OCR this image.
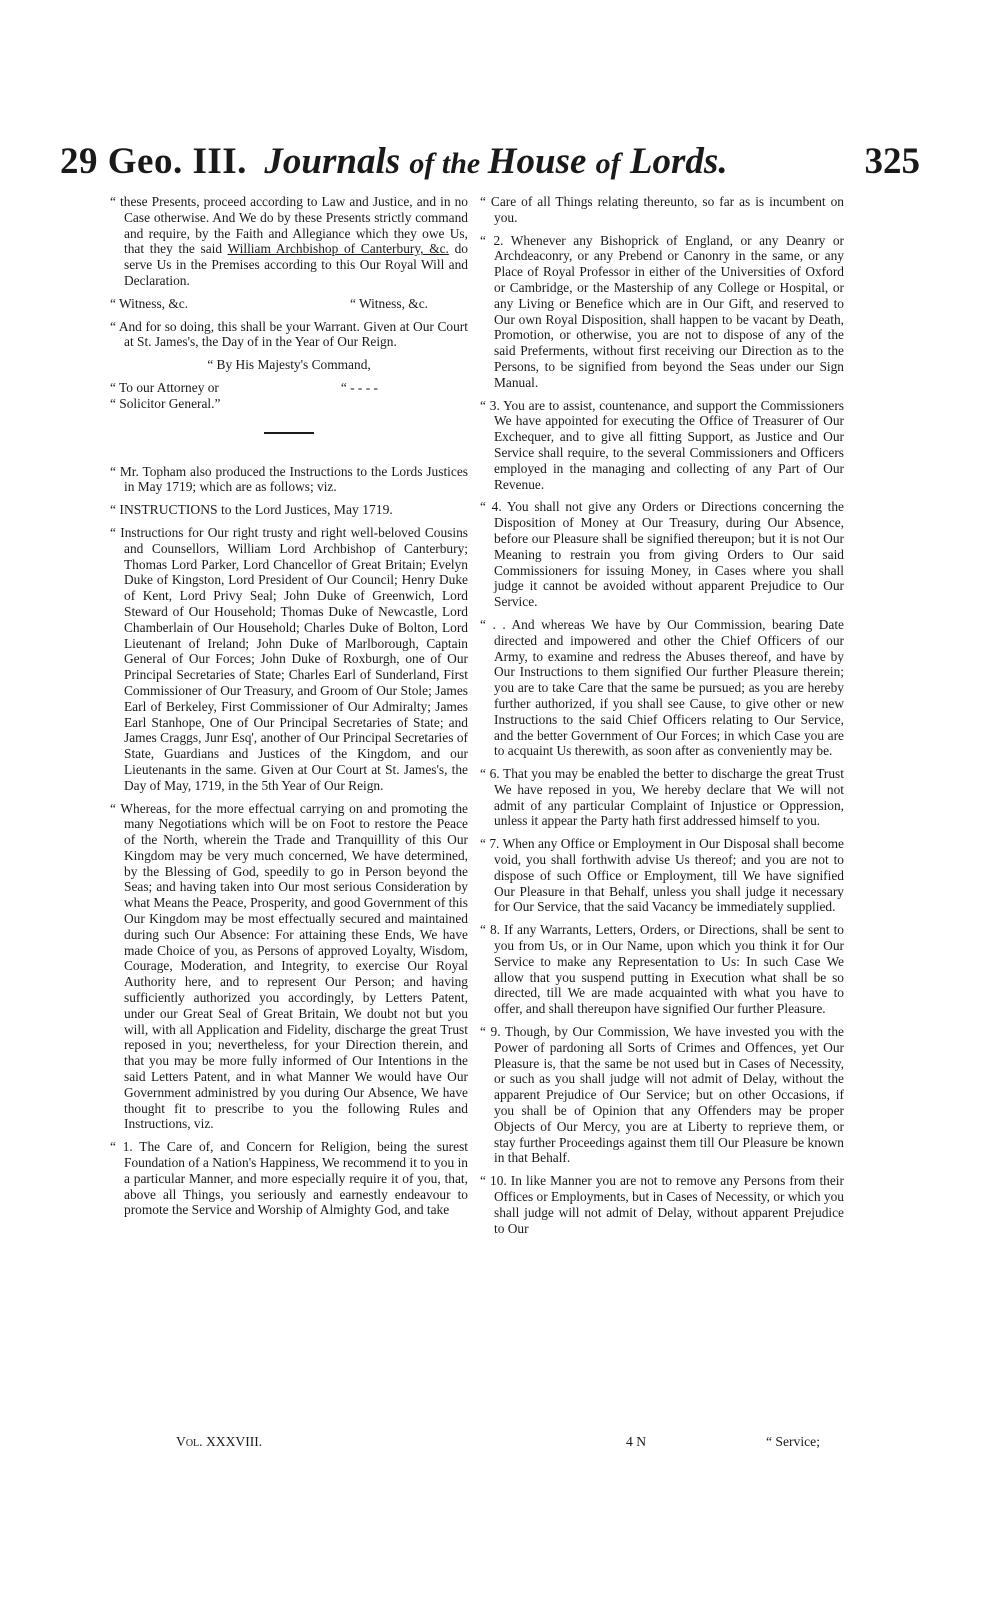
29 Geo. III. Journals of the House of Lords.	325

“ these Presents, proceed according to Law and Justice, and in no Case otherwise. And We do by these Presents strictly command and require, by the Faith and Allegiance which they owe Us, that they the said William Archbishop of Canterbury, &c. do serve Us in the Premises according to this Our Royal Will and Declaration.

“ Witness, &c.	“ Witness, &c.

“ And for so doing, this shall be your Warrant. Given at Our Court at St. James's, the Day of in the Year of Our Reign.

“ By His Majesty's Command,

“ To our Attorney or	“ - - - -

“ Solicitor General.”

“ Mr. Topham also produced the Instructions to the Lords Justices in May 1719; which are as follows; viz.

“ INSTRUCTIONS to the Lord Justices, May 1719.

“ Instructions for Our right trusty and right well-beloved Cousins and Counsellors, William Lord Archbishop of Canterbury; Thomas Lord Parker, Lord Chancellor of Great Britain; Evelyn Duke of Kingston, Lord President of Our Council; Henry Duke of Kent, Lord Privy Seal; John Duke of Greenwich, Lord Steward of Our Household; Thomas Duke of Newcastle, Lord Chamberlain of Our Household; Charles Duke of Bolton, Lord Lieutenant of Ireland; John Duke of Marlborough, Captain General of Our Forces; John Duke of Roxburgh, one of Our Principal Secretaries of State; Charles Earl of Sunderland, First Commissioner of Our Treasury, and Groom of Our Stole; James Earl of Berkeley, First Commissioner of Our Admiralty; James Earl Stanhope, One of Our Principal Secretaries of State; and James Craggs, Junr Esq', another of Our Principal Secretaries of State, Guardians and Justices of the Kingdom, and our Lieutenants in the same. Given at Our Court at St. James's, the Day of May, 1719, in the 5th Year of Our Reign.

“ Whereas, for the more effectual carrying on and promoting the many Negotiations which will be on Foot to restore the Peace of the North, wherein the Trade and Tranquillity of this Our Kingdom may be very much concerned, We have determined, by the Blessing of God, speedily to go in Person beyond the Seas; and having taken into Our most serious Consideration by what Means the Peace, Prosperity, and good Government of this Our Kingdom may be most effectually secured and maintained during such Our Absence: For attaining these Ends, We have made Choice of you, as Persons of approved Loyalty, Wisdom, Courage, Moderation, and Integrity, to exercise Our Royal Authority here, and to represent Our Person; and having sufficiently authorized you accordingly, by Letters Patent, under our Great Seal of Great Britain, We doubt not but you will, with all Application and Fidelity, discharge the great Trust reposed in you; nevertheless, for your Direction therein, and that you may be more fully informed of Our Intentions in the said Letters Patent, and in what Manner We would have Our Government administred by you during Our Absence, We have thought fit to prescribe to you the following Rules and Instructions, viz.

“ 1. The Care of, and Concern for Religion, being the surest Foundation of a Nation's Happiness, We recommend it to you in a particular Manner, and more especially require it of you, that, above all Things, you seriously and earnestly endeavour to promote the Service and Worship of Almighty God, and take

“ Care of all Things relating thereunto, so far as is incumbent on you.

“ 2. Whenever any Bishoprick of England, or any Deanry or Archdeaconry, or any Prebend or Canonry in the same, or any Place of Royal Professor in either of the Universities of Oxford or Cambridge, or the Mastership of any College or Hospital, or any Living or Benefice which are in Our Gift, and reserved to Our own Royal Disposition, shall happen to be vacant by Death, Promotion, or otherwise, you are not to dispose of any of the said Preferments, without first receiving our Direction as to the Persons, to be signified from beyond the Seas under our Sign Manual.

“ 3. You are to assist, countenance, and support the Commissioners We have appointed for executing the Office of Treasurer of Our Exchequer, and to give all fitting Support, as Justice and Our Service shall require, to the several Commissioners and Officers employed in the managing and collecting of any Part of Our Revenue.

“ 4. You shall not give any Orders or Directions concerning the Disposition of Money at Our Treasury, during Our Absence, before our Pleasure shall be signified thereupon; but it is not Our Meaning to restrain you from giving Orders to Our said Commissioners for issuing Money, in Cases where you shall judge it cannot be avoided without apparent Prejudice to Our Service.

“ . . And whereas We have by Our Commission, bearing Date directed and impowered and other the Chief Officers of our Army, to examine and redress the Abuses thereof, and have by Our Instructions to them signified Our further Pleasure therein; you are to take Care that the same be pursued; as you are hereby further authorized, if you shall see Cause, to give other or new Instructions to the said Chief Officers relating to Our Service, and the better Government of Our Forces; in which Case you are to acquaint Us therewith, as soon after as conveniently may be.

“ 6. That you may be enabled the better to discharge the great Trust We have reposed in you, We hereby declare that We will not admit of any particular Complaint of Injustice or Oppression, unless it appear the Party hath first addressed himself to you.

“ 7. When any Office or Employment in Our Disposal shall become void, you shall forthwith advise Us thereof; and you are not to dispose of such Office or Employment, till We have signified Our Pleasure in that Behalf, unless you shall judge it necessary for Our Service, that the said Vacancy be immediately supplied.

“ 8. If any Warrants, Letters, Orders, or Directions, shall be sent to you from Us, or in Our Name, upon which you think it for Our Service to make any Representation to Us: In such Case We allow that you suspend putting in Execution what shall be so directed, till We are made acquainted with what you have to offer, and shall thereupon have signified Our further Pleasure.

“ 9. Though, by Our Commission, We have invested you with the Power of pardoning all Sorts of Crimes and Offences, yet Our Pleasure is, that the same be not used but in Cases of Necessity, or such as you shall judge will not admit of Delay, without the apparent Prejudice of Our Service; but on other Occasions, if you shall be of Opinion that any Offenders may be proper Objects of Our Mercy, you are at Liberty to reprieve them, or stay further Proceedings against them till Our Pleasure be known in that Behalf.

“ 10. In like Manner you are not to remove any Persons from their Offices or Employments, but in Cases of Necessity, or which you shall judge will not admit of Delay, without apparent Prejudice to Our

Vol. XXXVIII.	4 N	“ Service;
